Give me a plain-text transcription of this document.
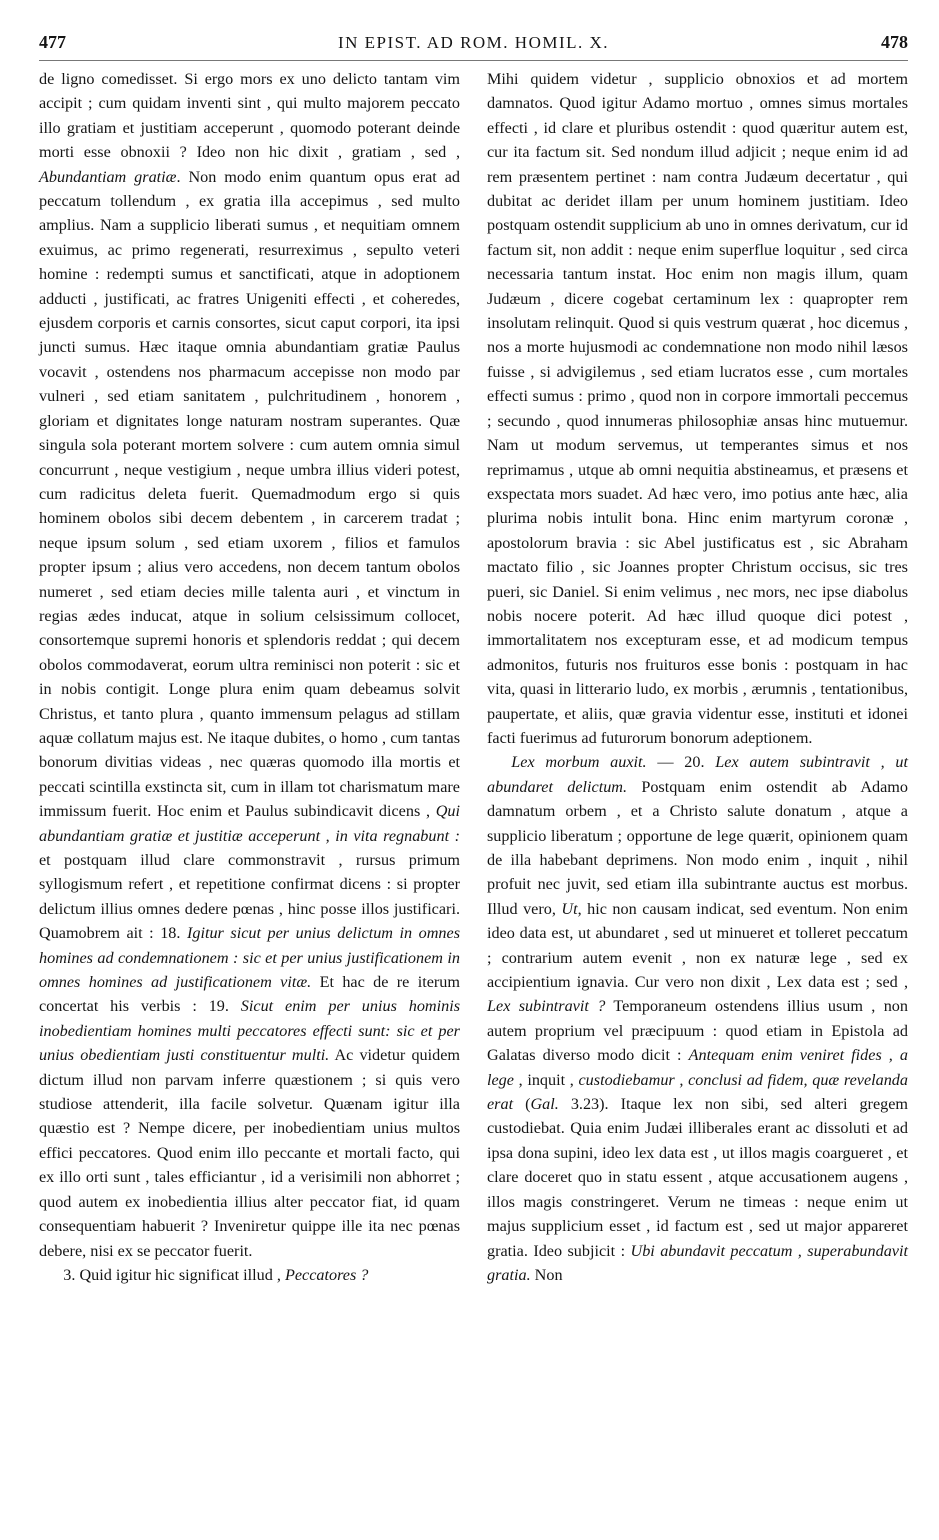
477	IN EPIST. AD ROM. HOMIL. X.	478

de ligno comedisset. Si ergo mors ex uno delicto tantam vim accipit ; cum quidam inventi sint , qui multo majorem peccato illo gratiam et justitiam acceperunt , quomodo poterant deinde morti esse obnoxii ? Ideo non hic dixit , gratiam , sed , Abundantiam gratiæ. Non modo enim quantum opus erat ad peccatum tollendum , ex gratia illa accepimus , sed multo amplius. Nam a supplicio liberati sumus , et nequitiam omnem exuimus, ac primo regenerati, resurreximus , sepulto veteri homine : redempti sumus et sanctificati, atque in adoptionem adducti , justificati, ac fratres Unigeniti effecti , et coheredes, ejusdem corporis et carnis consortes, sicut caput corpori, ita ipsi juncti sumus. Hæc itaque omnia abundantiam gratiæ Paulus vocavit , ostendens nos pharmacum accepisse non modo par vulneri , sed etiam sanitatem , pulchritudinem , honorem , gloriam et dignitates longe naturam nostram superantes. Quæ singula sola poterant mortem solvere : cum autem omnia simul concurrunt , neque vestigium , neque umbra illius videri potest, cum radicitus deleta fuerit. Quemadmodum ergo si quis hominem obolos sibi decem debentem , in carcerem tradat ; neque ipsum solum , sed etiam uxorem , filios et famulos propter ipsum ; alius vero accedens, non decem tantum obolos numeret , sed etiam decies mille talenta auri , et vinctum in regias ædes inducat, atque in solium celsissimum collocet, consortemque supremi honoris et splendoris reddat ; qui decem obolos commodaverat, eorum ultra reminisci non poterit : sic et in nobis contigit. Longe plura enim quam debeamus solvit Christus, et tanto plura , quanto immensum pelagus ad stillam aquæ collatum majus est. Ne itaque dubites, o homo , cum tantas bonorum divitias videas , nec quæras quomodo illa mortis et peccati scintilla exstincta sit, cum in illam tot charismatum mare immissum fuerit. Hoc enim et Paulus subindicavit dicens , Qui abundantiam gratiæ et justitiæ acceperunt , in vita regnabunt : et postquam illud clare commonstravit , rursus primum syllogismum refert , et repetitione confirmat dicens : si propter delictum illius omnes dedere pœnas , hinc posse illos justificari. Quamobrem ait : 18. Igitur sicut per unius delictum in omnes homines ad condemnationem : sic et per unius justificationem in omnes homines ad justificationem vitæ. Et hac de re iterum concertat his verbis : 19. Sicut enim per unius hominis inobedientiam homines multi peccatores effecti sunt: sic et per unius obedientiam justi constituentur multi. Ac videtur quidem dictum illud non parvam inferre quæstionem ; si quis vero studiose attenderit, illa facile solvetur. Quænam igitur illa quæstio est ? Nempe dicere, per inobedientiam unius multos effici peccatores. Quod enim illo peccante et mortali facto, qui ex illo orti sunt , tales efficiantur , id a verisimili non abhorret ; quod autem ex inobedientia illius alter peccator fiat, id quam consequentiam habuerit ? Inveniretur quippe ille ita nec pœnas debere, nisi ex se peccator fuerit.

3. Quid igitur hic significat illud , Peccatores ?

Mihi quidem videtur , supplicio obnoxios et ad mortem damnatos. Quod igitur Adamo mortuo , omnes simus mortales effecti , id clare et pluribus ostendit : quod quæritur autem est, cur ita factum sit. Sed nondum illud adjicit ; neque enim id ad rem præsentem pertinet : nam contra Judæum decertatur , qui dubitat ac deridet illam per unum hominem justitiam. Ideo postquam ostendit supplicium ab uno in omnes derivatum, cur id factum sit, non addit : neque enim superflue loquitur , sed circa necessaria tantum instat. Hoc enim non magis illum, quam Judæum , dicere cogebat certaminum lex : quapropter rem insolutam relinquit. Quod si quis vestrum quærat , hoc dicemus , nos a morte hujusmodi ac condemnatione non modo nihil læsos fuisse , si advigilemus , sed etiam lucratos esse , cum mortales effecti sumus : primo , quod non in corpore immortali peccemus ; secundo , quod innumeras philosophiæ ansas hinc mutuemur. Nam ut modum servemus, ut temperantes simus et nos reprimamus , utque ab omni nequitia abstineamus, et præsens et exspectata mors suadet. Ad hæc vero, imo potius ante hæc, alia plurima nobis intulit bona. Hinc enim martyrum coronæ , apostolorum bravia : sic Abel justificatus est , sic Abraham mactato filio , sic Joannes propter Christum occisus, sic tres pueri, sic Daniel. Si enim velimus , nec mors, nec ipse diabolus nobis nocere poterit. Ad hæc illud quoque dici potest , immortalitatem nos excepturam esse, et ad modicum tempus admonitos, futuris nos fruituros esse bonis : postquam in hac vita, quasi in litterario ludo, ex morbis , ærumnis , tentationibus, paupertate, et aliis, quæ gravia videntur esse, instituti et idonei facti fuerimus ad futurorum bonorum adeptionem.

Lex morbum auxit. — 20. Lex autem subintravit , ut abundaret delictum. Postquam enim ostendit ab Adamo damnatum orbem , et a Christo salute donatum , atque a supplicio liberatum ; opportune de lege quærit, opinionem quam de illa habebant deprimens. Non modo enim , inquit , nihil profuit nec juvit, sed etiam illa subintrante auctus est morbus. Illud vero, Ut, hic non causam indicat, sed eventum. Non enim ideo data est, ut abundaret , sed ut minueret et tolleret peccatum ; contrarium autem evenit , non ex naturæ lege , sed ex accipientium ignavia. Cur vero non dixit , Lex data est ; sed , Lex subintravit ? Temporaneum ostendens illius usum , non autem proprium vel præcipuum : quod etiam in Epistola ad Galatas diverso modo dicit : Antequam enim veniret fides , a lege , inquit , custodiebamur , conclusi ad fidem, quæ revelanda erat (Gal. 3.23). Itaque lex non sibi, sed alteri gregem custodiebat. Quia enim Judæi illiberales erant ac dissoluti et ad ipsa dona supini, ideo lex data est , ut illos magis coargueret , et clare doceret quo in statu essent , atque accusationem augens , illos magis constringeret. Verum ne timeas : neque enim ut majus supplicium esset , id factum est , sed ut major appareret gratia. Ideo subjicit : Ubi abundavit peccatum , superabundavit gratia. Non
